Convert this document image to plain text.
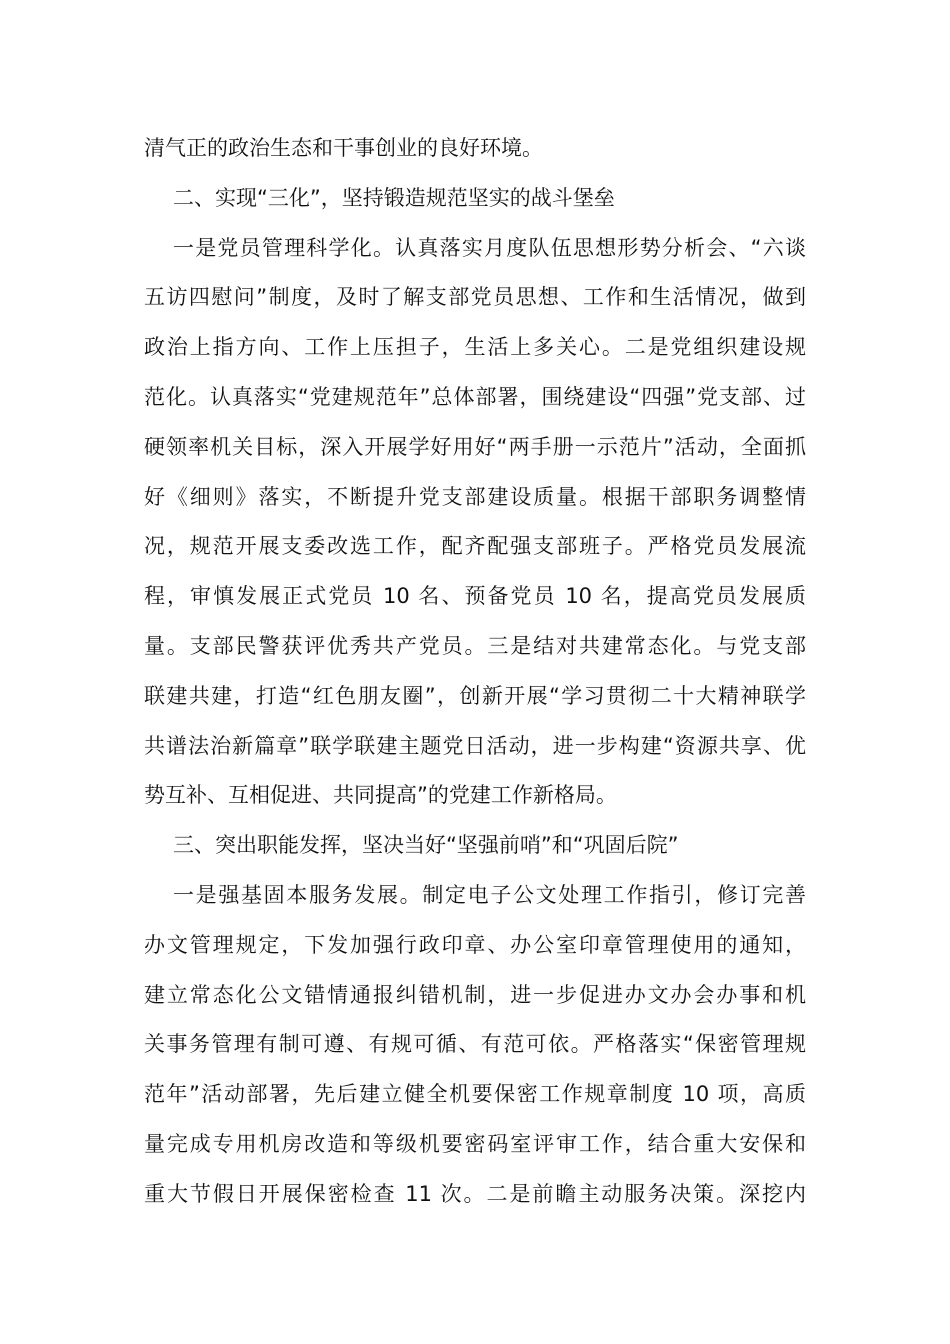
清气正的政治生态和干事创业的良好环境。
二、实现“三化”，坚持锻造规范坚实的战斗堡垒
一是党员管理科学化。认真落实月度队伍思想形势分析会、“六谈
五访四慰问”制度，及时了解支部党员思想、工作和生活情况，做到
政治上指方向、工作上压担子，生活上多关心。二是党组织建设规
范化。认真落实“党建规范年”总体部署，围绕建设“四强”党支部、过
硬领率机关目标，深入开展学好用好“两手册一示范片”活动，全面抓
好《细则》落实，不断提升党支部建设质量。根据干部职务调整情
况，规范开展支委改选工作，配齐配强支部班子。严格党员发展流
程，审慎发展正式党员 10 名、预备党员 10 名，提高党员发展质
量。支部民警获评优秀共产党员。三是结对共建常态化。与党支部
联建共建，打造“红色朋友圈”，创新开展“学习贯彻二十大精神联学
共谱法治新篇章”联学联建主题党日活动，进一步构建“资源共享、优
势互补、互相促进、共同提高”的党建工作新格局。
三、突出职能发挥，坚决当好“坚强前哨”和“巩固后院”
一是强基固本服务发展。制定电子公文处理工作指引，修订完善
办文管理规定，下发加强行政印章、办公室印章管理使用的通知，
建立常态化公文错情通报纠错机制，进一步促进办文办会办事和机
关事务管理有制可遵、有规可循、有范可依。严格落实“保密管理规
范年”活动部署，先后建立健全机要保密工作规章制度 10 项，高质
量完成专用机房改造和等级机要密码室评审工作，结合重大安保和
重大节假日开展保密检查 11 次。二是前瞻主动服务决策。深挖内
